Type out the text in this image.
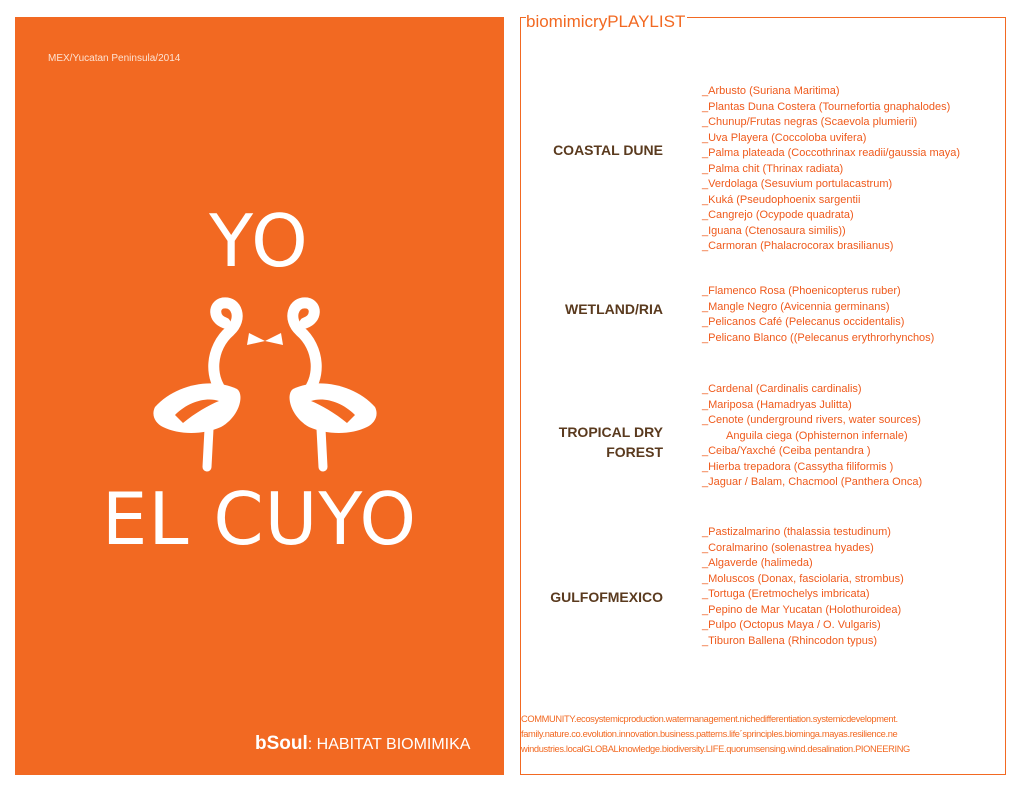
MEX/Yucatan Peninsula/2014
YO
EL CUYO
bSoul: HABITAT BIOMIMIKA
biomimicryPLAYLIST
COASTAL DUNE
_Arbusto (Suriana Maritima)
_Plantas Duna Costera (Tournefortia gnaphalodes)
_Chunup/Frutas negras (Scaevola plumierii)
_Uva Playera (Coccoloba uvifera)
_Palma plateada (Coccothrinax readii/gaussia maya)
_Palma chit (Thrinax radiata)
_Verdolaga (Sesuvium portulacastrum)
_Kuká (Pseudophoenix sargentii
_Cangrejo (Ocypode quadrata)
_Iguana (Ctenosaura similis))
_Carmoran (Phalacrocorax brasilianus)
WETLAND/RIA
_Flamenco Rosa (Phoenicopterus ruber)
_Mangle Negro (Avicennia germinans)
_Pelicanos Café (Pelecanus occidentalis)
_Pelicano Blanco ((Pelecanus erythrorhynchos)
TROPICAL DRY
FOREST
_Cardenal (Cardinalis cardinalis)
_Mariposa (Hamadryas Julitta)
_Cenote (underground rivers, water sources)
Anguila ciega (Ophisternon infernale)
_Ceiba/Yaxché (Ceiba pentandra )
_Hierba trepadora (Cassytha filiformis )
_Jaguar / Balam, Chacmool (Panthera Onca)
GULFOFMEXICO
_Pastizalmarino (thalassia testudinum)
_Coralmarino (solenastrea hyades)
_Algaverde (halimeda)
_Moluscos (Donax, fasciolaria, strombus)
_Tortuga (Eretmochelys imbricata)
_Pepino de Mar Yucatan (Holothuroidea)
_Pulpo (Octopus Maya / O. Vulgaris)
_Tiburon Ballena (Rhincodon typus)
COMMUNITY.ecosystemicproduction.watermanagement.nichedifferentiation.systemicdevelopment.
family.nature.co.evolution.innovation.business.patterns.life´sprinciples.biominga.mayas.resilience.ne
windustries.localGLOBALknowledge.biodiversity.LIFE.quorumsensing.wind.desalination.PIONEERING
